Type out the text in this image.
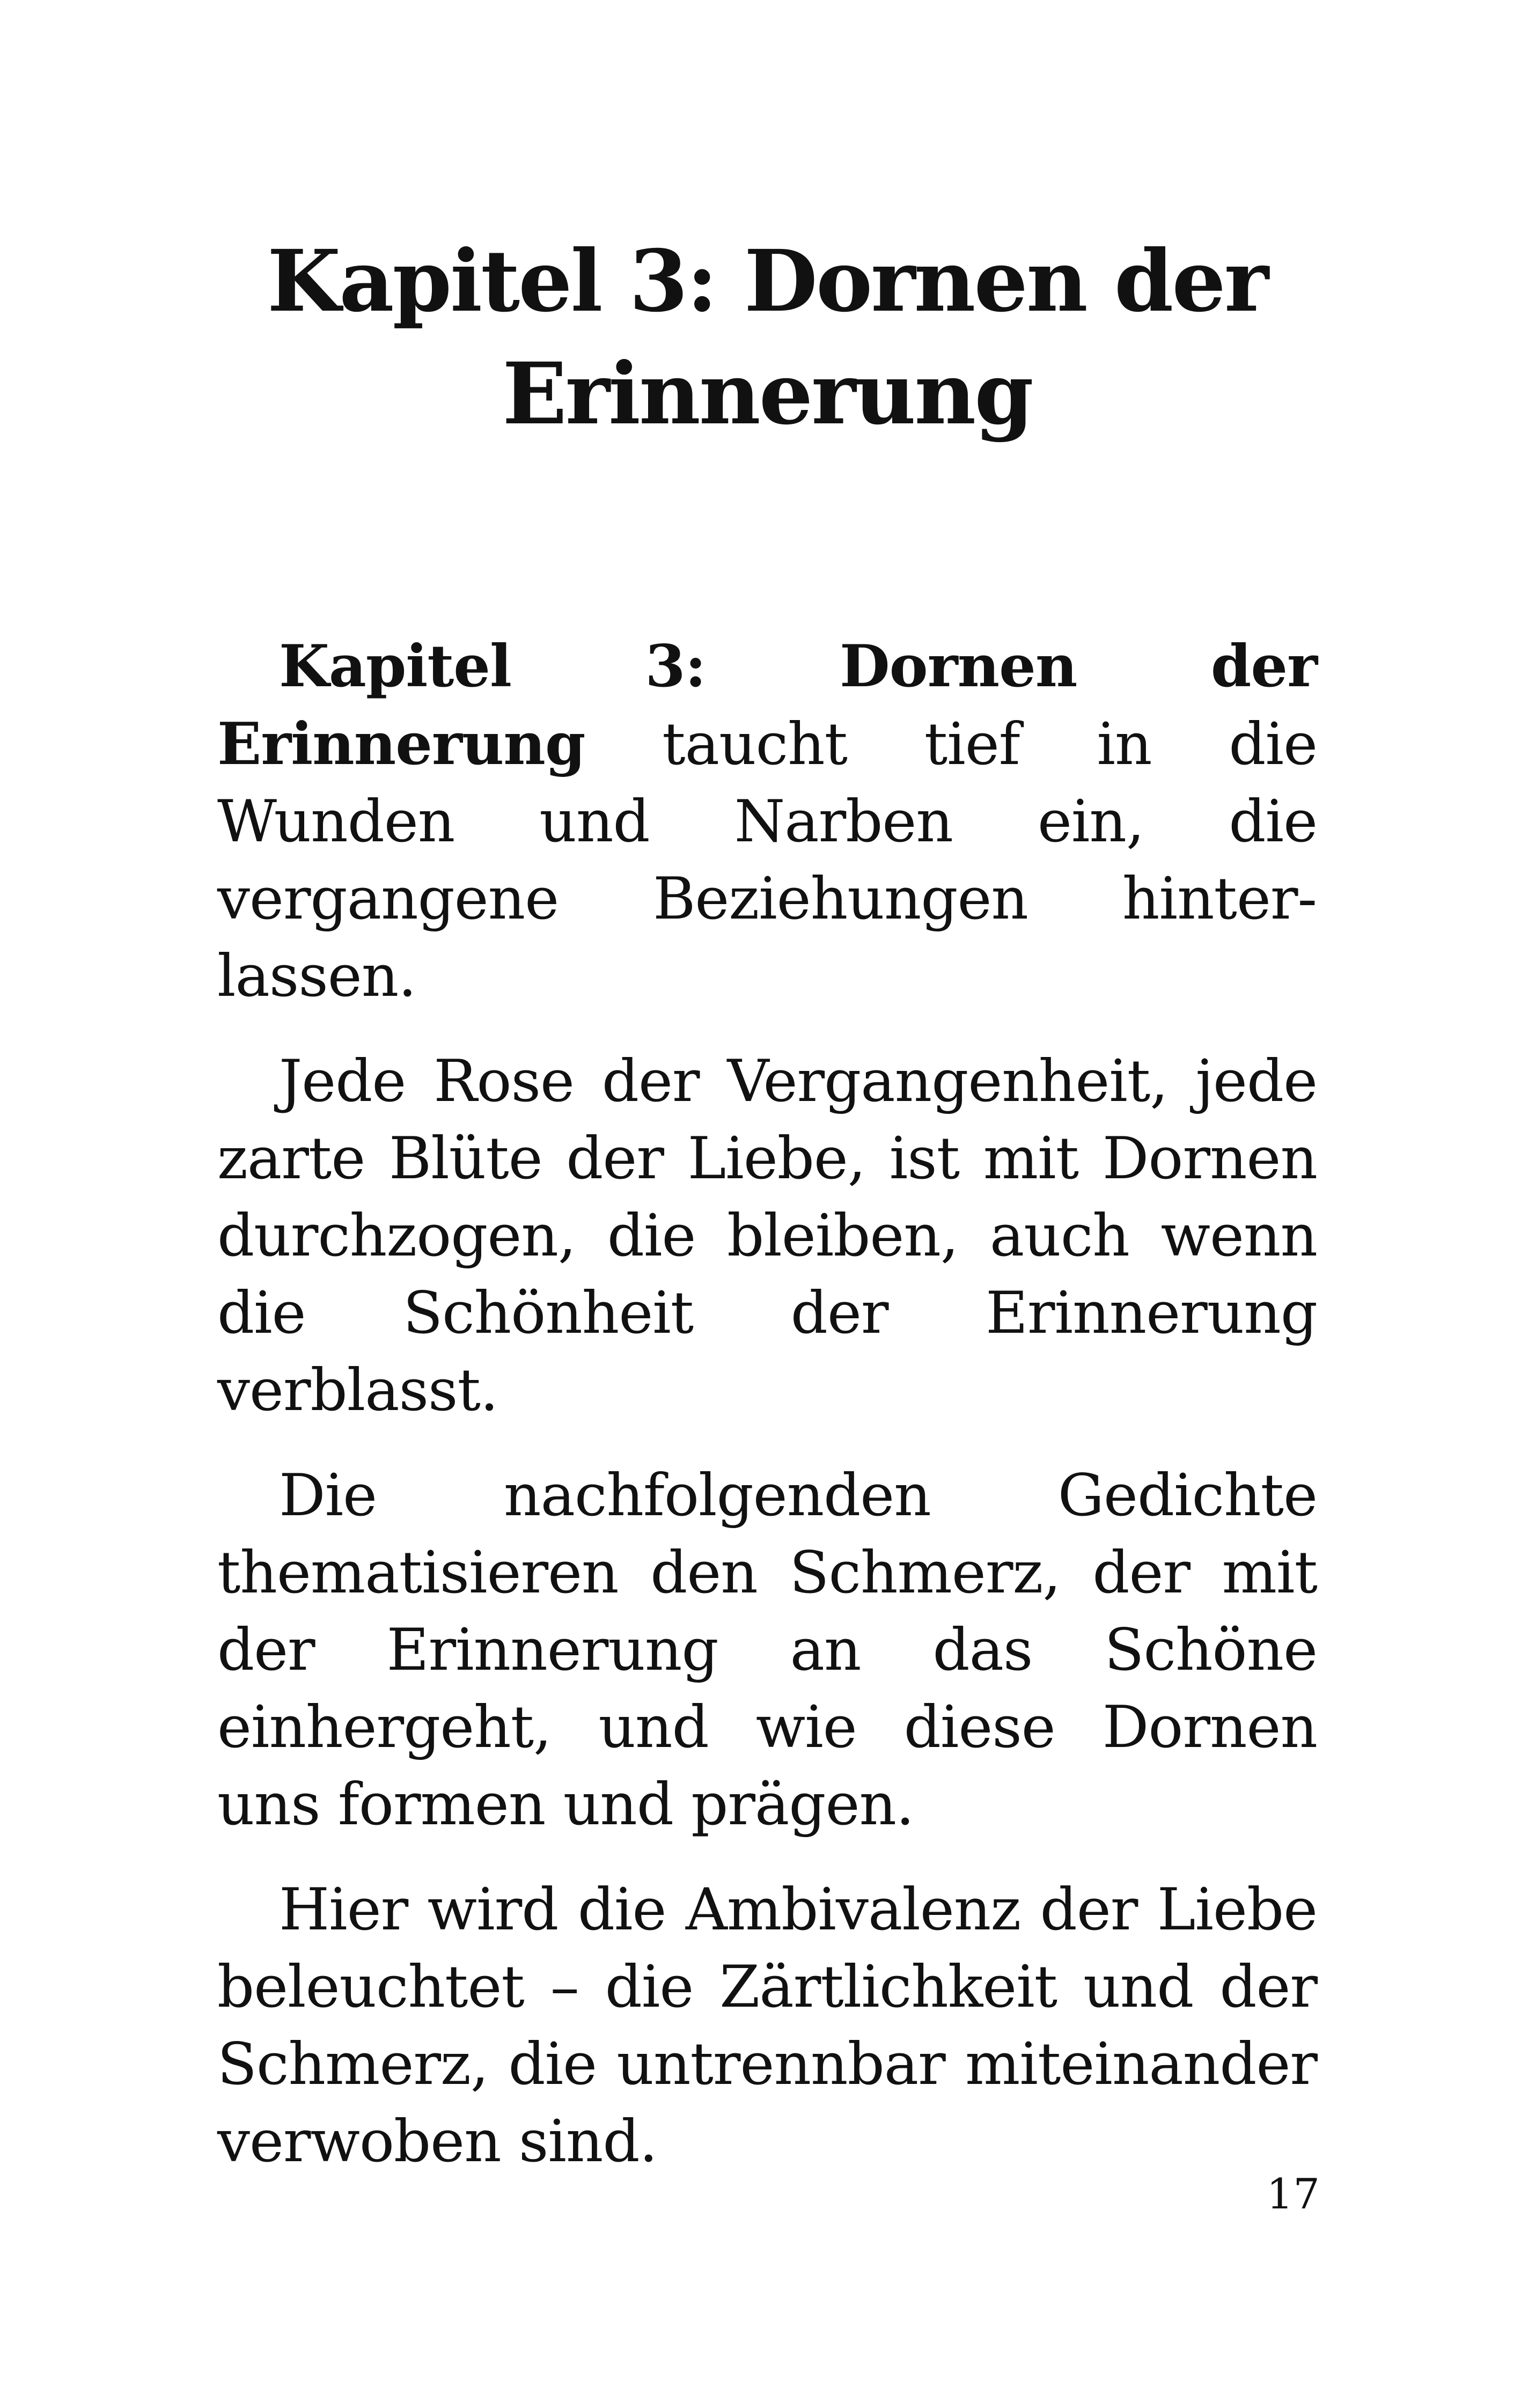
Kapitel 3: Dornen der
Erinnerung

Kapitel 3: Dornen der Erinnerung taucht tief in die Wunden und Narben ein, die vergangene Beziehungen hinterlassen.

Jede Rose der Vergangenheit, jede zarte Blüte der Liebe, ist mit Dornen durchzogen, die bleiben, auch wenn die Schönheit der Erinnerung verblasst.

Die nachfolgenden Gedichte thematisieren den Schmerz, der mit der Erinnerung an das Schöne einhergeht, und wie diese Dornen uns formen und prägen.

Hier wird die Ambivalenz der Liebe beleuchtet – die Zärtlichkeit und der Schmerz, die untrennbar miteinander verwoben sind.

17
